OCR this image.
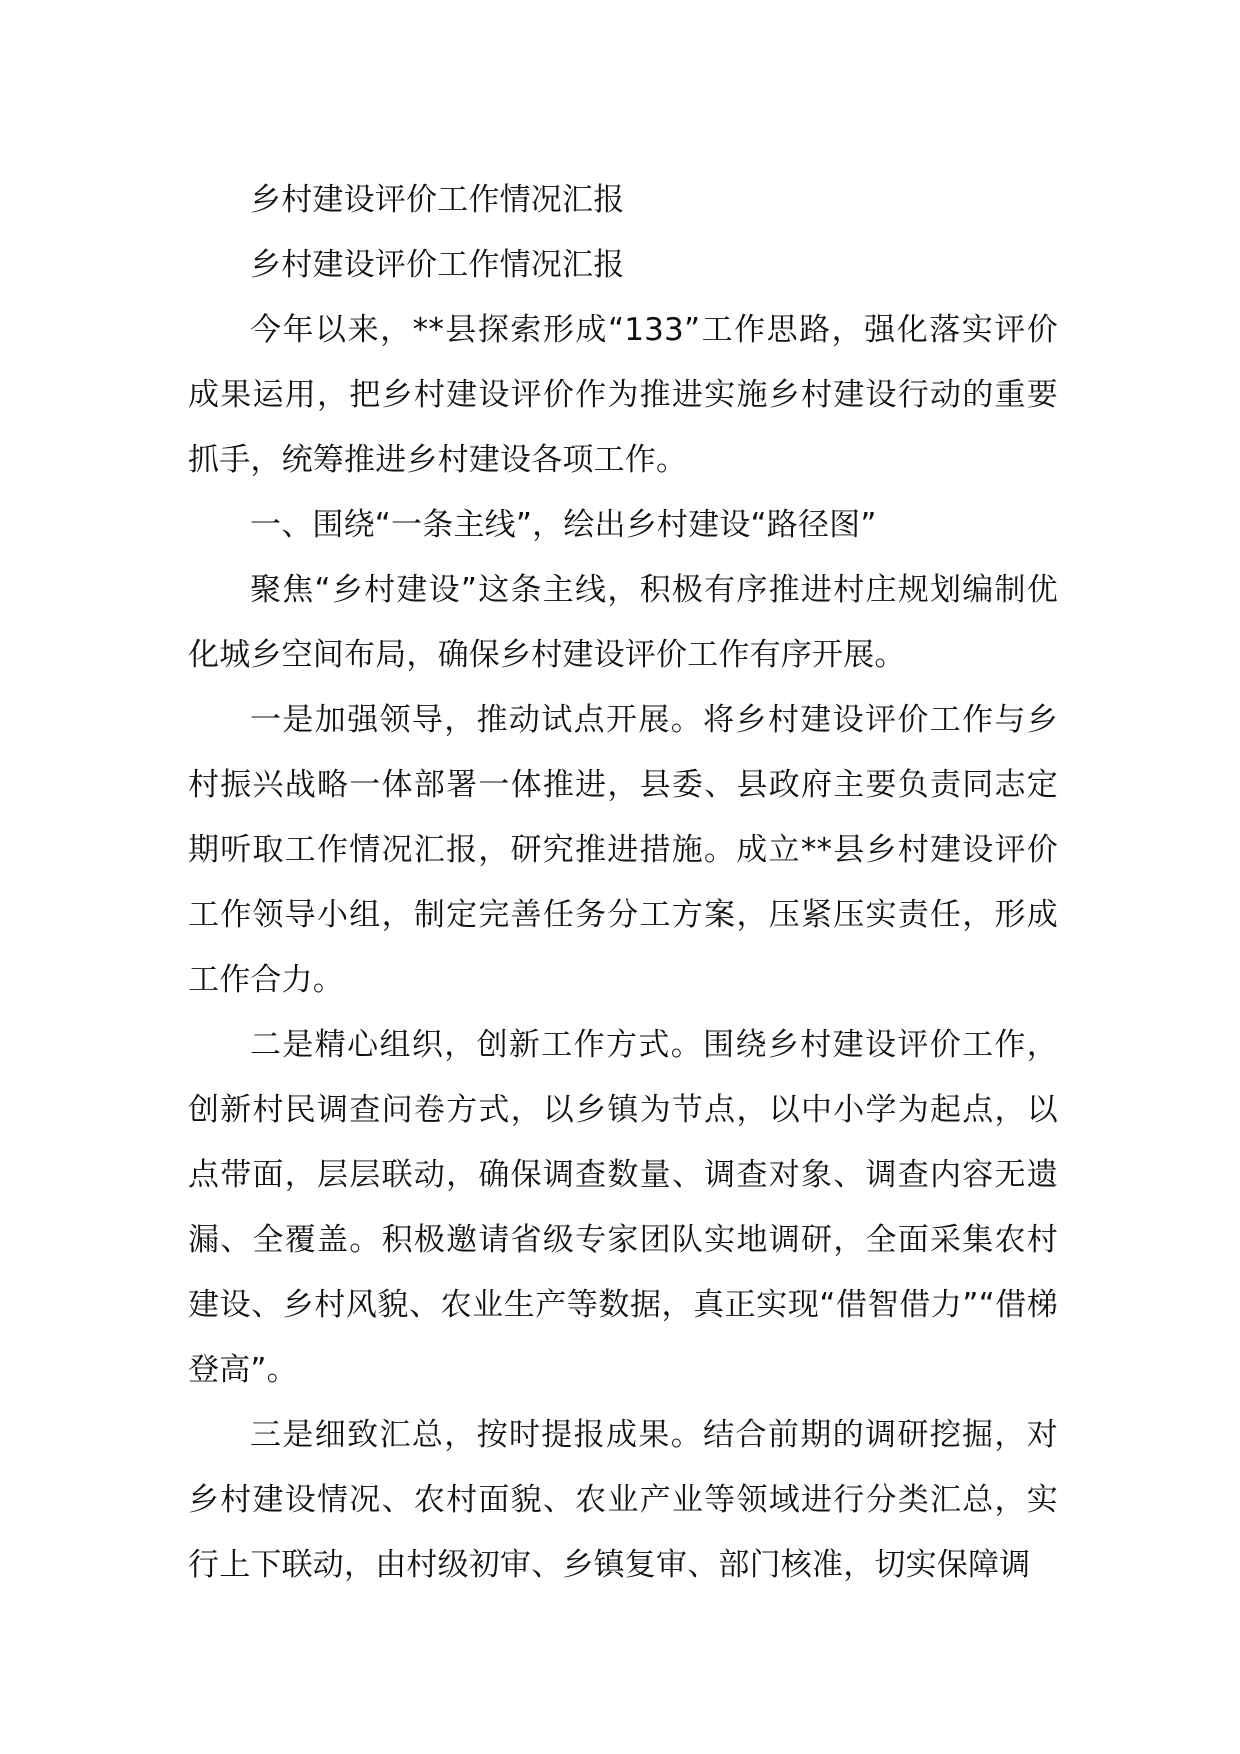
乡村建设评价工作情况汇报

乡村建设评价工作情况汇报

今年以来，**县探索形成“133”工作思路，强化落实评价成果运用，把乡村建设评价作为推进实施乡村建设行动的重要抓手，统筹推进乡村建设各项工作。

一、围绕“一条主线”，绘出乡村建设“路径图”

聚焦“乡村建设”这条主线，积极有序推进村庄规划编制优化城乡空间布局，确保乡村建设评价工作有序开展。

一是加强领导，推动试点开展。将乡村建设评价工作与乡村振兴战略一体部署一体推进，县委、县政府主要负责同志定期听取工作情况汇报，研究推进措施。成立**县乡村建设评价工作领导小组，制定完善任务分工方案，压紧压实责任，形成工作合力。

二是精心组织，创新工作方式。围绕乡村建设评价工作，创新村民调查问卷方式，以乡镇为节点，以中小学为起点，以点带面，层层联动，确保调查数量、调查对象、调查内容无遗漏、全覆盖。积极邀请省级专家团队实地调研，全面采集农村建设、乡村风貌、农业生产等数据，真正实现“借智借力”“借梯登高”。

三是细致汇总，按时提报成果。结合前期的调研挖掘，对乡村建设情况、农村面貌、农业产业等领域进行分类汇总，实行上下联动，由村级初审、乡镇复审、部门核准，切实保障调
